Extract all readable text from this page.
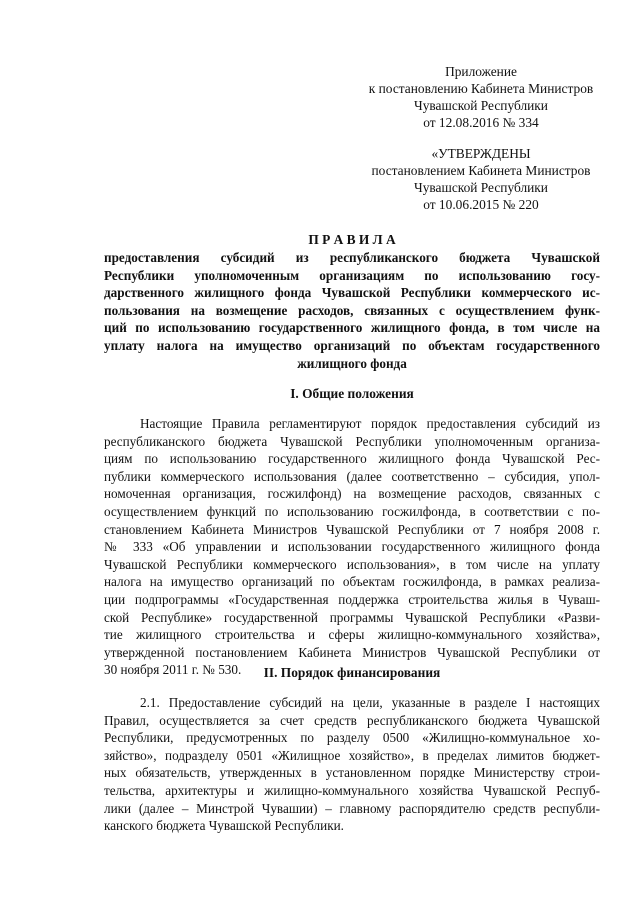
Приложение
к постановлению Кабинета Министров
Чувашской Республики
от 12.08.2016 № 334
«УТВЕРЖДЕНЫ
постановлением Кабинета Министров
Чувашской Республики
от 10.06.2015 № 220
П Р А В И Л А
предоставления субсидий из республиканского бюджета Чувашской
Республики уполномоченным организациям по использованию госу-
дарственного жилищного фонда Чувашской Республики коммерческого ис-
пользования на возмещение расходов, связанных с осуществлением функ-
ций по использованию государственного жилищного фонда, в том числе на
уплату налога на имущество организаций по объектам государственного
жилищного фонда
I. Общие положения
Настоящие Правила регламентируют порядок предоставления субсидий из
республиканского бюджета Чувашской Республики уполномоченным организа-
циям по использованию государственного жилищного фонда Чувашской Рес-
публики коммерческого использования (далее соответственно – субсидия, упол-
номоченная организация, госжилфонд) на возмещение расходов, связанных с
осуществлением функций по использованию госжилфонда, в соответствии с по-
становлением Кабинета Министров Чувашской Республики от 7 ноября 2008 г.
№ 333 «Об управлении и использовании государственного жилищного фонда
Чувашской Республики коммерческого использования», в том числе на уплату
налога на имущество организаций по объектам госжилфонда, в рамках реализа-
ции подпрограммы «Государственная поддержка строительства жилья в Чуваш-
ской Республике» государственной программы Чувашской Республики «Разви-
тие жилищного строительства и сферы жилищно-коммунального хозяйства»,
утвержденной постановлением Кабинета Министров Чувашской Республики от
30 ноября 2011 г. № 530.	II. Порядок финансирования
2.1. Предоставление субсидий на цели, указанные в разделе I настоящих
Правил, осуществляется за счет средств республиканского бюджета Чувашской
Республики, предусмотренных по разделу 0500 «Жилищно-коммунальное хо-
зяйство», подразделу 0501 «Жилищное хозяйство», в пределах лимитов бюджет-
ных обязательств, утвержденных в установленном порядке Министерству строи-
тельства, архитектуры и жилищно-коммунального хозяйства Чувашской Респуб-
лики (далее – Минстрой Чувашии) – главному распорядителю средств республи-
канского бюджета Чувашской Республики.
